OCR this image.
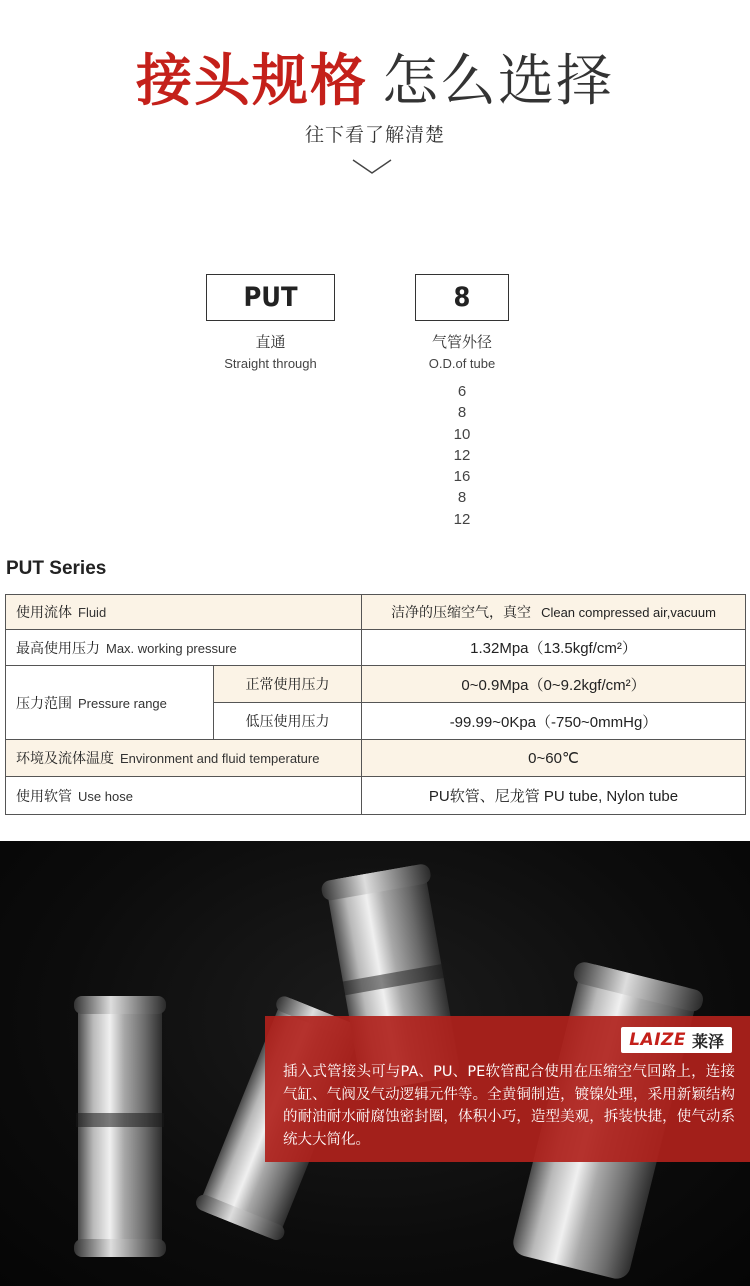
接头规格 怎么选择
往下看了解清楚
PUT
直通
Straight through
8
气管外径
O.D.of tube
6
8
10
12
16
8
12
PUT Series
使用流体 Fluid		洁净的压缩空气，真空 Clean compressed air,vacuum
最高使用压力 Max. working pressure		1.32Mpa（13.5kgf/cm²）
压力范围 Pressure range	正常使用压力	0~0.9Mpa（0~9.2kgf/cm²）
	低压使用压力	-99.99~0Kpa（-750~0mmHg）
环境及流体温度 Environment and fluid temperature		0~60℃
使用软管 Use hose		PU软管、尼龙管 PU tube, Nylon tube
LAIZE 莱泽
插入式管接头可与PA、PU、PE软管配合使用在压缩空气回路上，连接气缸、气阀及气动逻辑元件等。全黄铜制造，镀镍处理，采用新颖结构的耐油耐水耐腐蚀密封圈，体积小巧，造型美观，拆装快捷，使气动系统大大简化。
